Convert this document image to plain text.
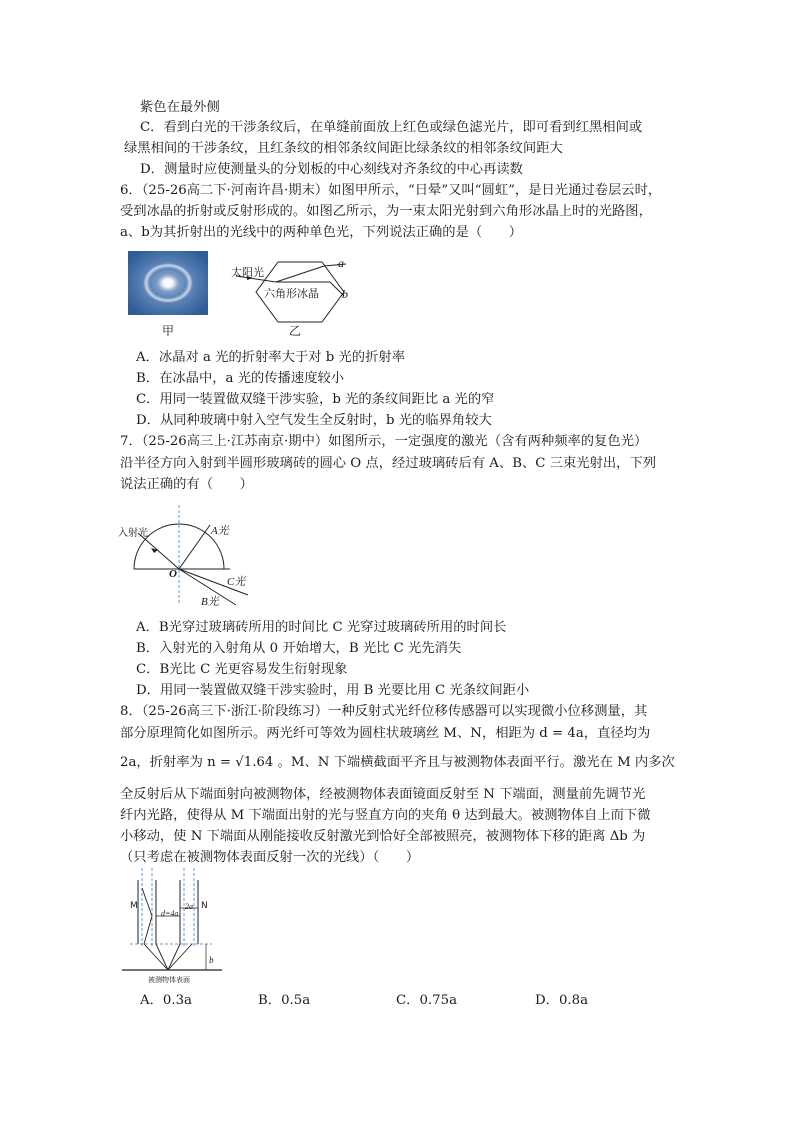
紫色在最外侧
C．看到白光的干涉条纹后，在单缝前面放上红色或绿色滤光片，即可看到红黑相间或
绿黑相间的干涉条纹，且红条纹的相邻条纹间距比绿条纹的相邻条纹间距大
D．测量时应使测量头的分划板的中心刻线对齐条纹的中心再读数
6．（25-26高二下·河南许昌·期末）如图甲所示，“日晕”又叫“圆虹”，是日光通过卷层云时，
受到冰晶的折射或反射形成的。如图乙所示，为一束太阳光射到六角形冰晶上时的光路图，
a、b为其折射出的光线中的两种单色光，下列说法正确的是（　　）
甲
太阳光
六角形冰晶
a
b
乙
A．冰晶对 a 光的折射率大于对 b 光的折射率
B．在冰晶中，a 光的传播速度较小
C．用同一装置做双缝干涉实验，b 光的条纹间距比 a 光的窄
D．从同种玻璃中射入空气发生全反射时，b 光的临界角较大
7．（25-26高三上·江苏南京·期中）如图所示，一定强度的激光（含有两种频率的复色光）
沿半径方向入射到半圆形玻璃砖的圆心 O 点，经过玻璃砖后有 A、B、C 三束光射出，下列
说法正确的有（　　）
入射光	A光
O
C光
B光
A．B光穿过玻璃砖所用的时间比 C 光穿过玻璃砖所用的时间长
B．入射光的入射角从 0 开始增大，B 光比 C 光先消失
C．B光比 C 光更容易发生衍射现象
D．用同一装置做双缝干涉实验时，用 B 光要比用 C 光条纹间距小
8．（25-26高三下·浙江·阶段练习）一种反射式光纤位移传感器可以实现微小位移测量，其
部分原理简化如图所示。两光纤可等效为圆柱状玻璃丝 M、N，相距为 d = 4a，直径均为
2a，折射率为 n = √1.64 。M、N 下端横截面平齐且与被测物体表面平行。激光在 M 内多次
全反射后从下端面射向被测物体，经被测物体表面镜面反射至 N 下端面，测量前先调节光
纤内光路，使得从 M 下端面出射的光与竖直方向的夹角 θ 达到最大。被测物体自上而下微
小移动，使 N 下端面从刚能接收反射激光到恰好全部被照亮，被测物体下移的距离 Δb 为
（只考虑在被测物体表面反射一次的光线）（　　）
M	N
d=4a
2a
b
被测物体表面
A．0.3a	B．0.5a	C．0.75a	D．0.8a
